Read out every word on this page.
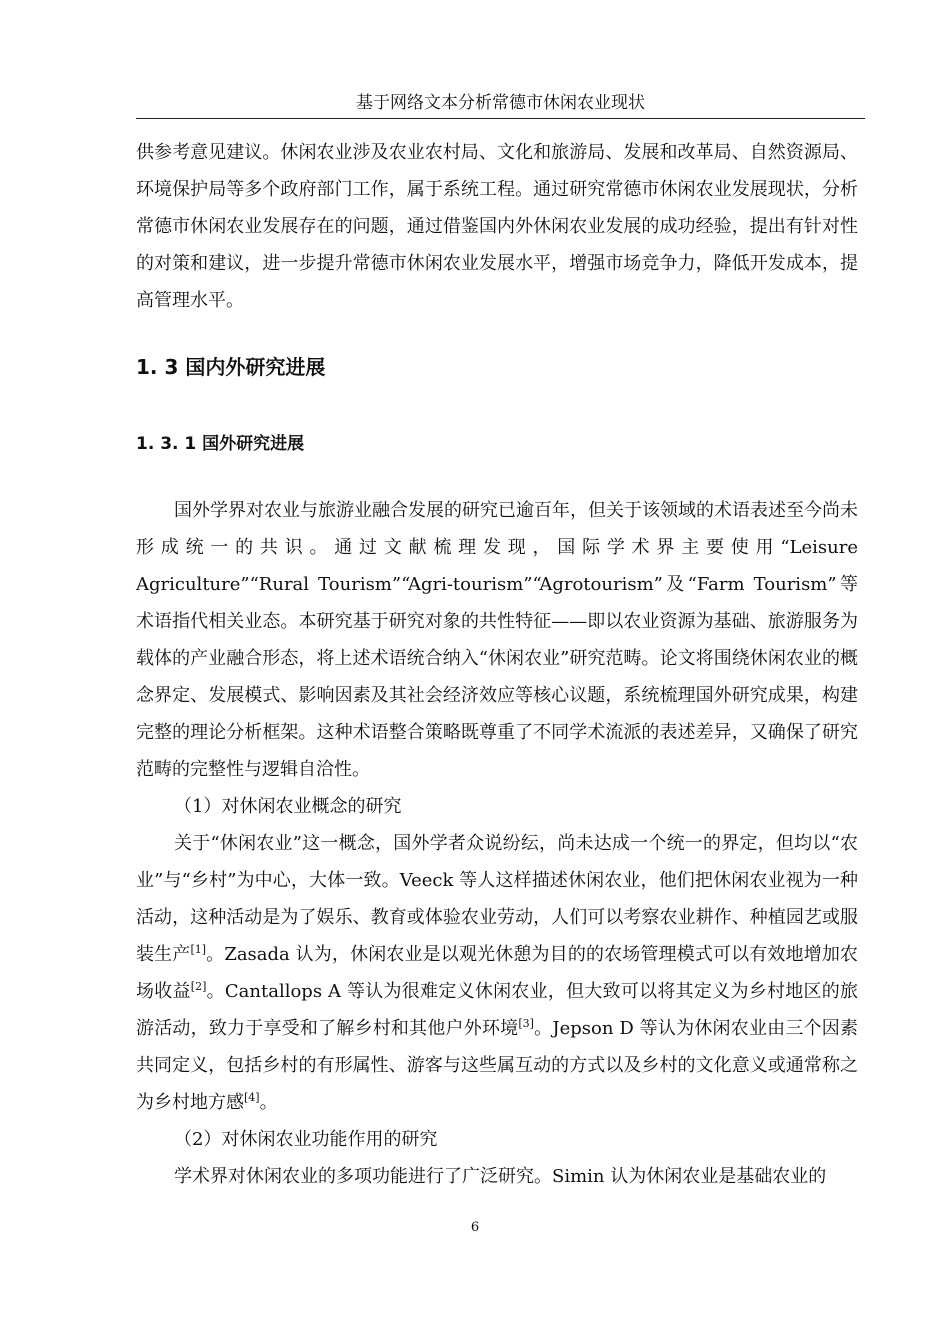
基于网络文本分析常德市休闲农业现状

供参考意见建议。休闲农业涉及农业农村局、文化和旅游局、发展和改革局、自然资源局、环境保护局等多个政府部门工作，属于系统工程。通过研究常德市休闲农业发展现状，分析常德市休闲农业发展存在的问题，通过借鉴国内外休闲农业发展的成功经验，提出有针对性的对策和建议，进一步提升常德市休闲农业发展水平，增强市场竞争力，降低开发成本，提高管理水平。

1. 3 国内外研究进展
1. 3. 1 国外研究进展

国外学界对农业与旅游业融合发展的研究已逾百年，但关于该领域的术语表述至今尚未形成统一的共识。通过文献梳理发现，国际学术界主要使用“Leisure Agriculture”“Rural Tourism”“Agri-tourism”“Agrotourism”及“Farm Tourism”等术语指代相关业态。本研究基于研究对象的共性特征——即以农业资源为基础、旅游服务为载体的产业融合形态，将上述术语统合纳入“休闲农业”研究范畴。论文将围绕休闲农业的概念界定、发展模式、影响因素及其社会经济效应等核心议题，系统梳理国外研究成果，构建完整的理论分析框架。这种术语整合策略既尊重了不同学术流派的表述差异，又确保了研究范畴的完整性与逻辑自洽性。

（1）对休闲农业概念的研究

关于“休闲农业”这一概念，国外学者众说纷纭，尚未达成一个统一的界定，但均以“农业”与“乡村”为中心，大体一致。Veeck 等人这样描述休闲农业，他们把休闲农业视为一种活动，这种活动是为了娱乐、教育或体验农业劳动，人们可以考察农业耕作、种植园艺或服装生产[1]。Zasada 认为，休闲农业是以观光休憩为目的的农场管理模式可以有效地增加农场收益[2]。Cantallops A 等认为很难定义休闲农业，但大致可以将其定义为乡村地区的旅游活动，致力于享受和了解乡村和其他户外环境[3]。Jepson D 等认为休闲农业由三个因素共同定义，包括乡村的有形属性、游客与这些属互动的方式以及乡村的文化意义或通常称之为乡村地方感[4]。

（2）对休闲农业功能作用的研究

学术界对休闲农业的多项功能进行了广泛研究。Simin 认为休闲农业是基础农业的

6
